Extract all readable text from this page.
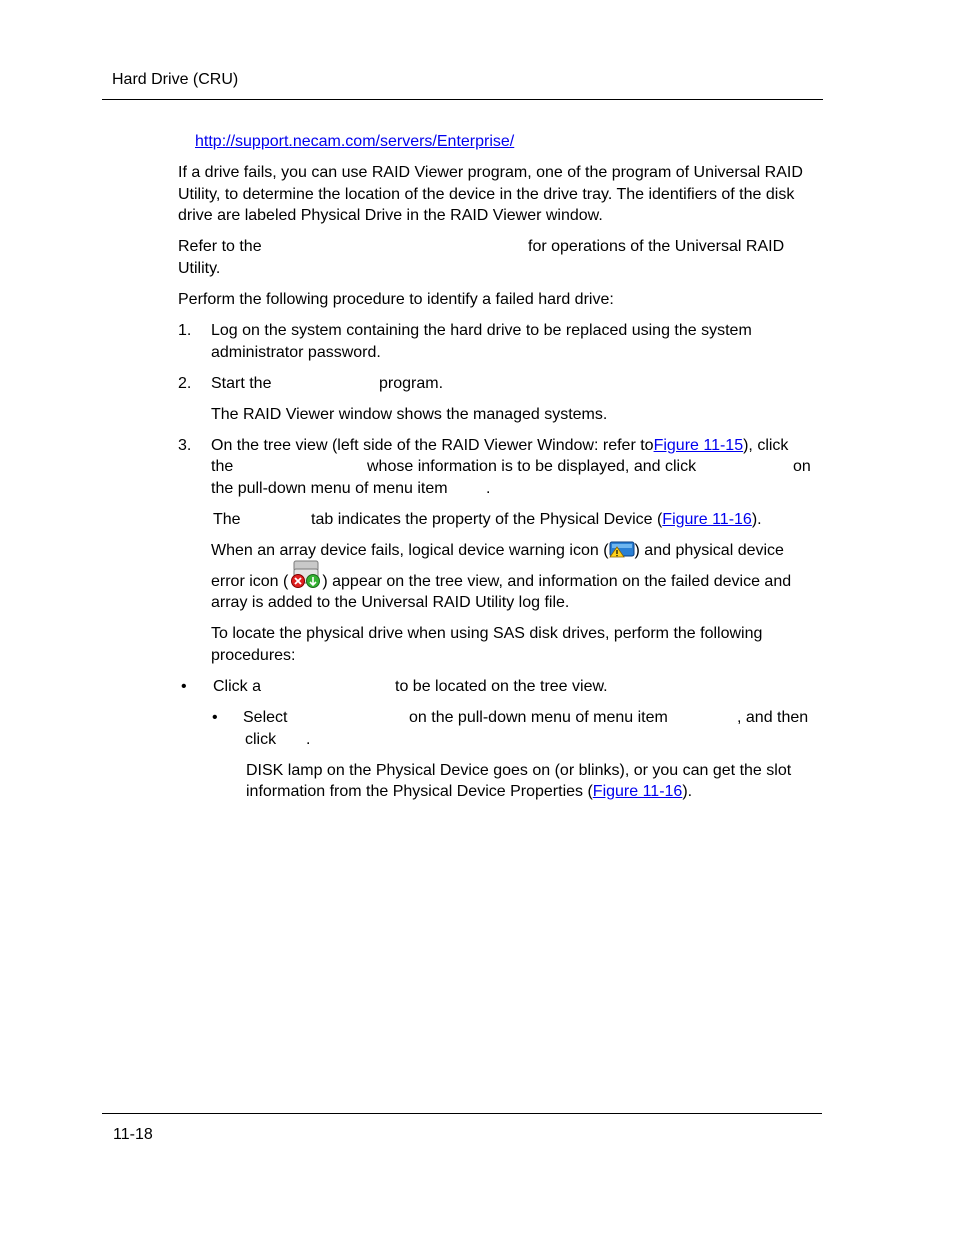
Hard Drive (CRU)
http://support.necam.com/servers/Enterprise/
If a drive fails, you can use RAID Viewer program, one of the program of Universal RAID
Utility, to determine the location of the device in the drive tray. The identifiers of the disk
drive are labeled Physical Drive in the RAID Viewer window.
Refer to the	for operations of the Universal RAID
Utility.
Perform the following procedure to identify a failed hard drive:
1. Log on the system containing the hard drive to be replaced using the system
administrator password.
2. Start the	program.
The RAID Viewer window shows the managed systems.
3. On the tree view (left side of the RAID Viewer Window: refer toFigure 11-15), click
the	whose information is to be displayed, and click	on
the pull-down menu of menu item .
The	tab indicates the property of the Physical Device (Figure 11-16).
When an array device fails, logical device warning icon ( ) and physical device
error icon ( ) appear on the tree view, and information on the failed device and
array is added to the Universal RAID Utility log file.
To locate the physical drive when using SAS disk drives, perform the following
procedures:
• Click a	to be located on the tree view.
• Select	on the pull-down menu of menu item	, and then
click .
DISK lamp on the Physical Device goes on (or blinks), or you can get the slot
information from the Physical Device Properties (Figure 11-16).
11-18
